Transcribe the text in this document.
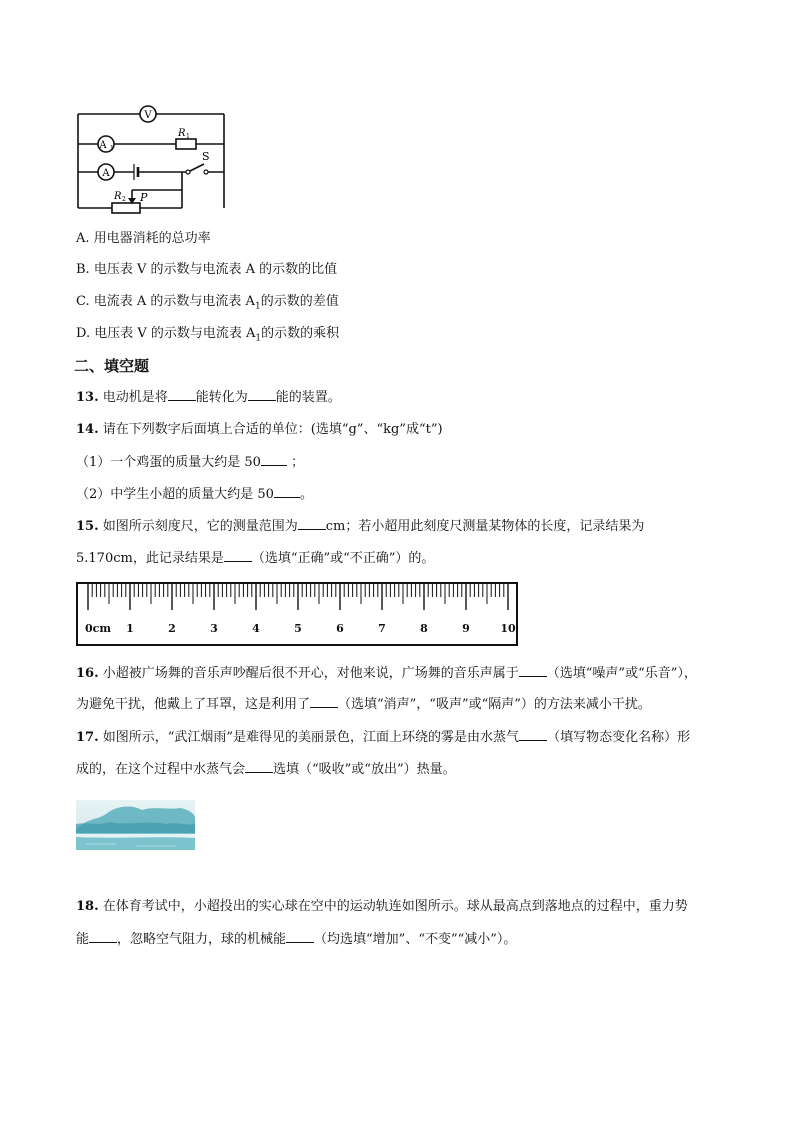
V
A 1
A
R 1
S
R 2 P
A. 用电器消耗的总功率
B. 电压表 V 的示数与电流表 A 的示数的比值
C. 电流表 A 的示数与电流表 $A_1$的示数的差值
D. 电压表 V 的示数与电流表 $A_1$的示数的乘积
二、填空题
13. 电动机是将 能转化为 能的装置。
14. 请在下列数字后面填上合适的单位：(选填“g”、“kg”成“t”)
（1）一个鸡蛋的质量大约是 50 ；
（2）中学生小超的质量大约是 50 。
15. 如图所示刻度尺，它的测量范围为 cm；若小超用此刻度尺测量某物体的长度，记录结果为
5.170cm，此记录结果是 （选填“正确”或“不正确”）的。
0cm 1	2	3	4	5	6	7	8	9	10
16. 小超被广场舞的音乐声吵醒后很不开心，对他来说，广场舞的音乐声属于 （选填“噪声”或“乐音”），
为避免干扰，他戴上了耳罩，这是利用了 （选填“消声”，“吸声”或“隔声”）的方法来减小干扰。
17. 如图所示，“武江烟雨”是难得见的美丽景色，江面上环绕的雾是由水蒸气 （填写物态变化名称）形
成的，在这个过程中水蒸气会 选填（“吸收”或“放出”）热量。
18. 在体育考试中，小超投出的实心球在空中的运动轨连如图所示。球从最高点到落地点的过程中，重力势
能 ，忽略空气阻力，球的机械能 （均选填“增加”、“不变”“减小”）。
